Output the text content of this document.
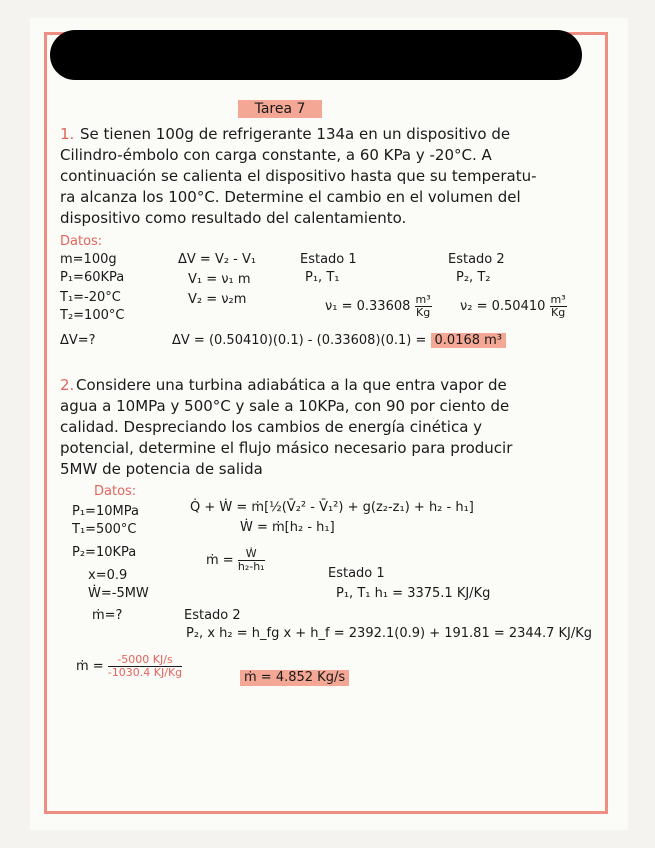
Tarea 7
1. Se tienen 100g de refrigerante 134a en un dispositivo de
Cilindro-émbolo con carga constante, a 60 KPa y -20°C. A
continuación se calienta el dispositivo hasta que su temperatu-
ra alcanza los 100°C. Determine el cambio en el volumen del
dispositivo como resultado del calentamiento.
Datos:
m=100g
P₁=60KPa
T₁=-20°C
T₂=100°C
ΔV=?
ΔV = V₂ - V₁
V₁ = ν₁ m
V₂ = ν₂m
Estado 1
P₁, T₁
$\nu_1 = 0.33608 \frac{\text{m³}}{Kg}$
Estado 2
P₂, T₂
$\nu_2 = 0.50410 \frac{\text{m³}}{Kg}$
ΔV = (0.50410)(0.1) - (0.33608)(0.1) = 0.0168 m³
2. Considere una turbina adiabática a la que entra vapor de
agua a 10MPa y 500°C y sale a 10KPa, con 90 por ciento de
calidad. Despreciando los cambios de energía cinética y
potencial, determine el flujo másico necesario para producir
5MW de potencia de salida
Datos:
P₁=10MPa
T₁=500°C
P₂=10KPa
x=0.9
Ẇ=-5MW
ṁ=?
Q̇ + Ẇ = ṁ[½(V̄₂² - V̄₁²) + g(z₂-z₁) + h₂ - h₁]
Ẇ = ṁ[h₂ - h₁]
ṁ = $\frac{\text{Ẇ}}{\text{h₂-h₁}}$
Estado 1
P₁, T₁ h₁ = 3375.1 KJ/Kg
Estado 2
P₂, x h₂ = h_fg x + h_f = 2392.1(0.9) + 191.81 = 2344.7 KJ/Kg
ṁ = $\frac{-5000 KJ/s}{-1030.4 KJ/Kg}$	ṁ = 4.852 Kg/s
